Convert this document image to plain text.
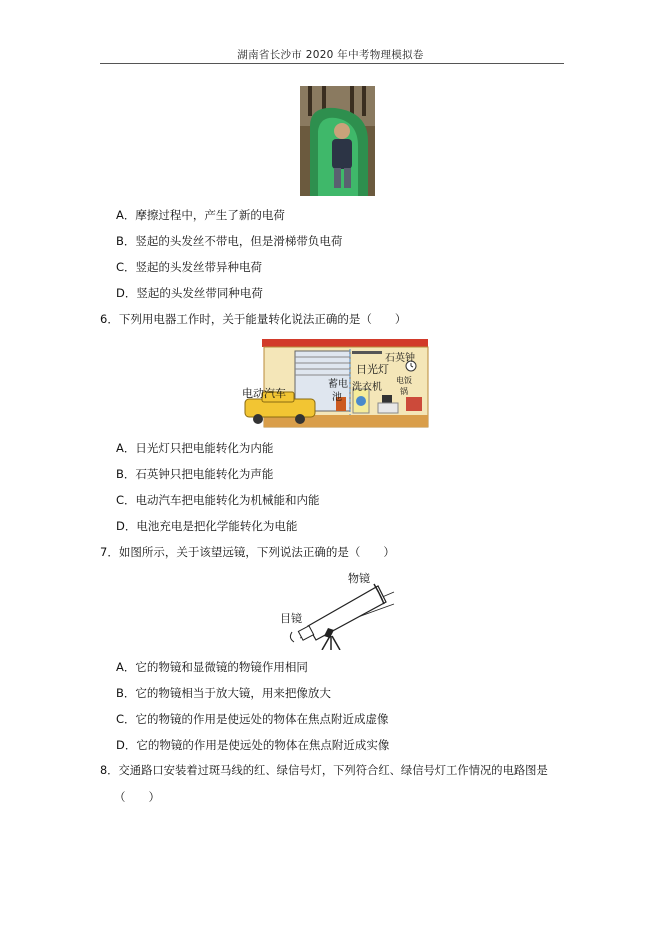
湖南省长沙市 2020 年中考物理模拟卷
A．摩擦过程中，产生了新的电荷
B．竖起的头发丝不带电，但是滑梯带负电荷
C．竖起的头发丝带异种电荷
D．竖起的头发丝带同种电荷
6．下列用电器工作时，关于能量转化说法正确的是（　　）
石英钟
日光灯
蓄电
池
洗衣机
电饭
锅
电动汽车
A．日光灯只把电能转化为内能
B．石英钟只把电能转化为声能
C．电动汽车把电能转化为机械能和内能
D．电池充电是把化学能转化为电能
7．如图所示，关于该望远镜，下列说法正确的是（　　）
物镜
目镜
A．它的物镜和显微镜的物镜作用相同
B．它的物镜相当于放大镜，用来把像放大
C．它的物镜的作用是使远处的物体在焦点附近成虚像
D．它的物镜的作用是使远处的物体在焦点附近成实像
8．交通路口安装着过斑马线的红、绿信号灯，下列符合红、绿信号灯工作情况的电路图是
（　　）
